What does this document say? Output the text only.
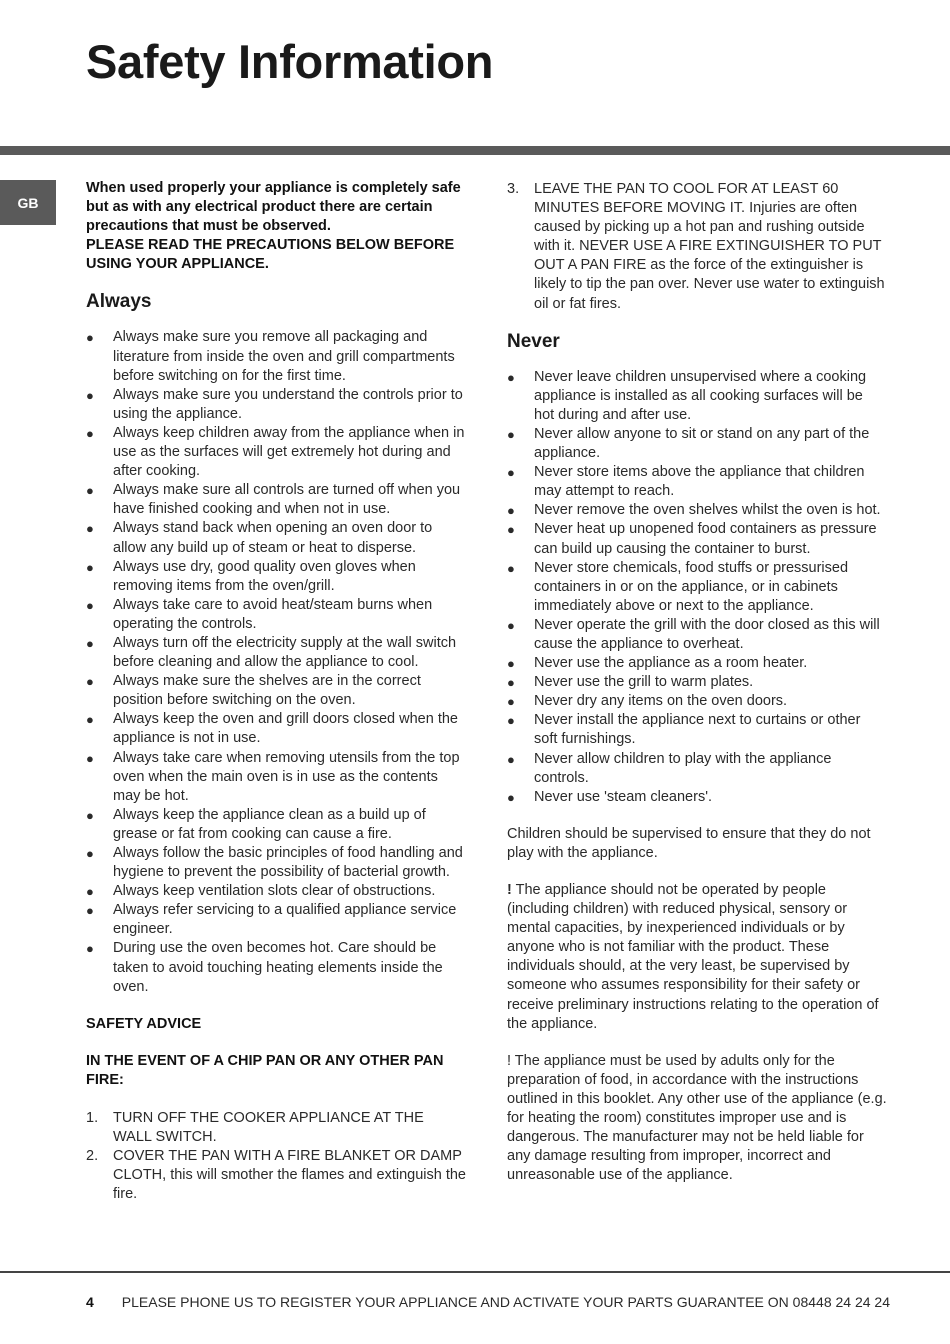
Safety Information
GB

When used properly your appliance is completely safe but as with any electrical product there are certain precautions that must be observed.

PLEASE READ THE PRECAUTIONS BELOW BEFORE USING YOUR APPLIANCE.

Always
● Always make sure you remove all packaging and literature from inside the oven and grill compartments before switching on for the first time.
● Always make sure you understand the controls prior to using the appliance.
● Always keep children away from the appliance when in use as the surfaces will get extremely hot during and after cooking.
● Always make sure all controls are turned off when you have finished cooking and when not in use.
● Always stand back when opening an oven door to allow any build up of steam or heat to disperse.
● Always use dry, good quality oven gloves when removing items from the oven/grill.
● Always take care to avoid heat/steam burns when operating the controls.
● Always turn off the electricity supply at the wall switch before cleaning and allow the appliance to cool.
● Always make sure the shelves are in the correct position before switching on the oven.
● Always keep the oven and grill doors closed when the appliance is not in use.
● Always take care when removing utensils from the top oven when the main oven is in use as the contents may be hot.
● Always keep the appliance clean as a build up of grease or fat from cooking can cause a fire.
● Always follow the basic principles of food handling and hygiene to prevent the possibility of bacterial growth.
● Always keep ventilation slots clear of obstructions.
● Always refer servicing to a qualified appliance service engineer.
● During use the oven becomes hot. Care should be taken to avoid touching heating elements inside the oven.
SAFETY ADVICE
IN THE EVENT OF A CHIP PAN OR ANY OTHER PAN FIRE:
1. TURN OFF THE COOKER APPLIANCE AT THE WALL SWITCH.
2. COVER THE PAN WITH A FIRE BLANKET OR DAMP CLOTH, this will smother the flames and extinguish the fire.
3. LEAVE THE PAN TO COOL FOR AT LEAST 60 MINUTES BEFORE MOVING IT. Injuries are often caused by picking up a hot pan and rushing outside with it. NEVER USE A FIRE EXTINGUISHER TO PUT OUT A PAN FIRE as the force of the extinguisher is likely to tip the pan over. Never use water to extinguish oil or fat fires.
Never
● Never leave children unsupervised where a cooking appliance is installed as all cooking surfaces will be hot during and after use.
● Never allow anyone to sit or stand on any part of the appliance.
● Never store items above the appliance that children may attempt to reach.
● Never remove the oven shelves whilst the oven is hot.
● Never heat up unopened food containers as pressure can build up causing the container to burst.
● Never store chemicals, food stuffs or pressurised containers in or on the appliance, or in cabinets immediately above or next to the appliance.
● Never operate the grill with the door closed as this will cause the appliance to overheat.
● Never use the appliance as a room heater.
● Never use the grill to warm plates.
● Never dry any items on the oven doors.
● Never install the appliance next to curtains or other soft furnishings.
● Never allow children to play with the appliance controls.
● Never use 'steam cleaners'.

Children should be supervised to ensure that they do not play with the appliance.

! The appliance should not be operated by people (including children) with reduced physical, sensory or mental capacities, by inexperienced individuals or by anyone who is not familiar with the product. These individuals should, at the very least, be supervised by someone who assumes responsibility for their safety or receive preliminary instructions relating to the operation of the appliance.

! The appliance must be used by adults only for the preparation of food, in accordance with the instructions outlined in this booklet. Any other use of the appliance (e.g. for heating the room) constitutes improper use and is dangerous. The manufacturer may not be held liable for any damage resulting from improper, incorrect and unreasonable use of the appliance.

4 PLEASE PHONE US TO REGISTER YOUR APPLIANCE AND ACTIVATE YOUR PARTS GUARANTEE ON 08448 24 24 24
